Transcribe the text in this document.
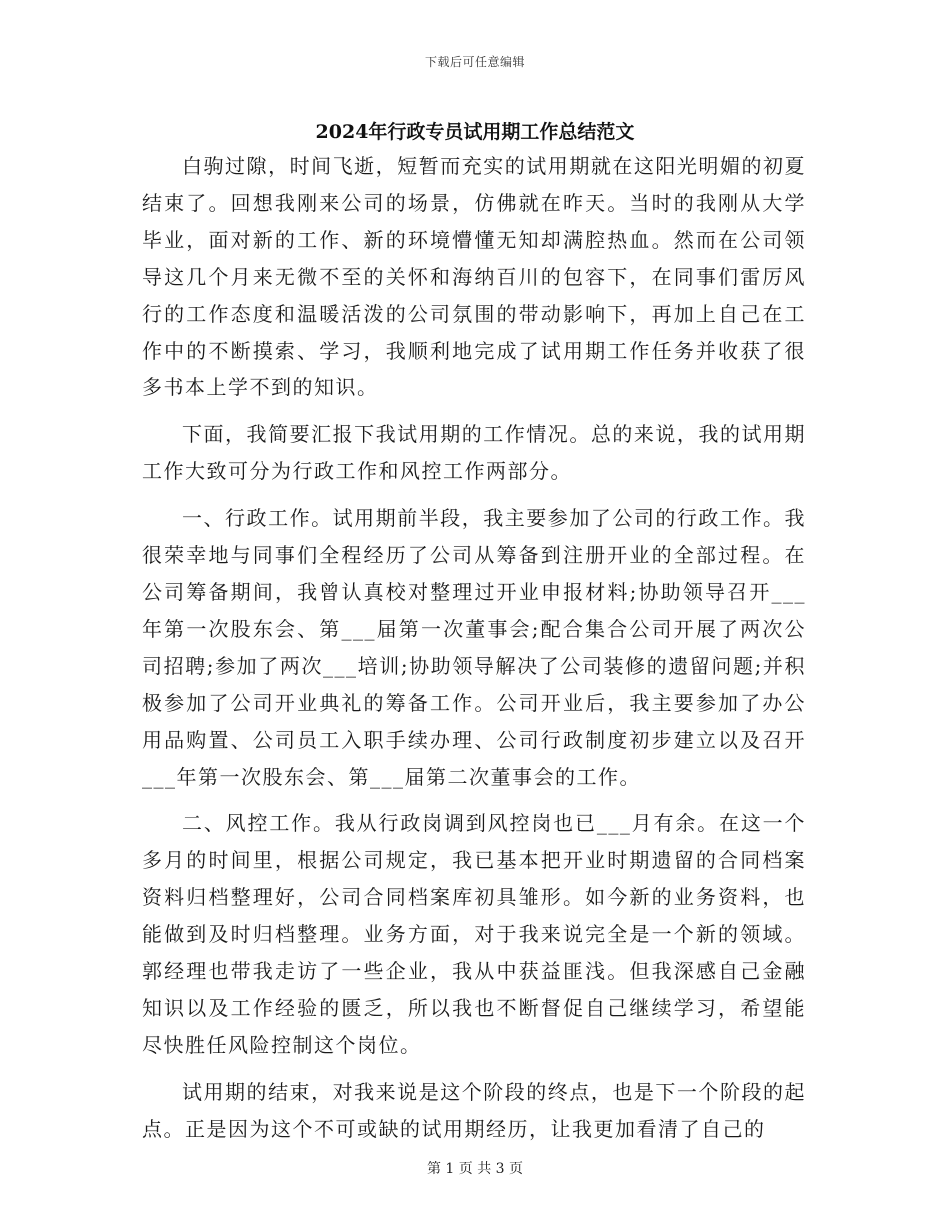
下载后可任意编辑
2024年行政专员试用期工作总结范文

白驹过隙，时间飞逝，短暂而充实的试用期就在这阳光明媚的初夏结束了。回想我刚来公司的场景，仿佛就在昨天。当时的我刚从大学毕业，面对新的工作、新的环境懵懂无知却满腔热血。然而在公司领导这几个月来无微不至的关怀和海纳百川的包容下，在同事们雷厉风行的工作态度和温暖活泼的公司氛围的带动影响下，再加上自己在工作中的不断摸索、学习，我顺利地完成了试用期工作任务并收获了很多书本上学不到的知识。

下面，我简要汇报下我试用期的工作情况。总的来说，我的试用期工作大致可分为行政工作和风控工作两部分。

一、行政工作。试用期前半段，我主要参加了公司的行政工作。我很荣幸地与同事们全程经历了公司从筹备到注册开业的全部过程。在公司筹备期间，我曾认真校对整理过开业申报材料;协助领导召开___年第一次股东会、第___届第一次董事会;配合集合公司开展了两次公司招聘;参加了两次___培训;协助领导解决了公司装修的遗留问题;并积极参加了公司开业典礼的筹备工作。公司开业后，我主要参加了办公用品购置、公司员工入职手续办理、公司行政制度初步建立以及召开___年第一次股东会、第___届第二次董事会的工作。

二、风控工作。我从行政岗调到风控岗也已___月有余。在这一个多月的时间里，根据公司规定，我已基本把开业时期遗留的合同档案资料归档整理好，公司合同档案库初具雏形。如今新的业务资料，也能做到及时归档整理。业务方面，对于我来说完全是一个新的领域。郭经理也带我走访了一些企业，我从中获益匪浅。但我深感自己金融知识以及工作经验的匮乏，所以我也不断督促自己继续学习，希望能尽快胜任风险控制这个岗位。

试用期的结束，对我来说是这个阶段的终点，也是下一个阶段的起点。正是因为这个不可或缺的试用期经历，让我更加看清了自己的

第 1 页 共 3 页
